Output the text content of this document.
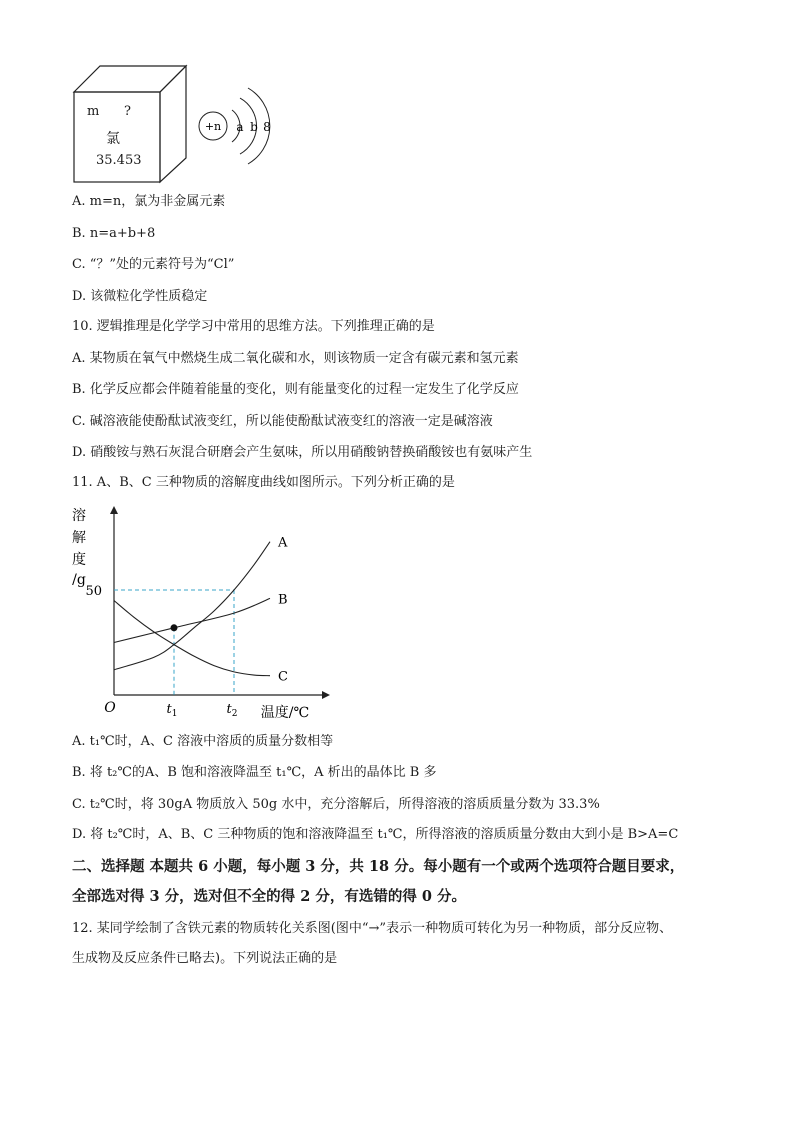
m ?
氯
35.453
+n a b 8
A. m=n，氯为非金属元素
B. n=a+b+8
C. “？”处的元素符号为“Cl”
D. 该微粒化学性质稳定
10. 逻辑推理是化学学习中常用的思维方法。下列推理正确的是
A. 某物质在氧气中燃烧生成二氧化碳和水，则该物质一定含有碳元素和氢元素
B. 化学反应都会伴随着能量的变化，则有能量变化的过程一定发生了化学反应
C. 碱溶液能使酚酞试液变红，所以能使酚酞试液变红的溶液一定是碱溶液
D. 硝酸铵与熟石灰混合研磨会产生氨味，所以用硝酸钠替换硝酸铵也有氨味产生
11. A、B、C 三种物质的溶解度曲线如图所示。下列分析正确的是
溶
解
度
/g
O	温度/℃
50
$t_1$	$t_2$
A
B
C
A. t₁℃时，A、C 溶液中溶质的质量分数相等
B. 将 t₂℃的A、B 饱和溶液降温至 t₁℃，A 析出的晶体比 B 多
C. t₂℃时，将 30gA 物质放入 50g 水中，充分溶解后，所得溶液的溶质质量分数为 33.3%
D. 将 t₂℃时，A、B、C 三种物质的饱和溶液降温至 t₁℃，所得溶液的溶质质量分数由大到小是 B>A=C
二、选择题 本题共 6 小题，每小题 3 分，共 18 分。每小题有一个或两个选项符合题目要求，
全部选对得 3 分，选对但不全的得 2 分，有选错的得 0 分。
12. 某同学绘制了含铁元素的物质转化关系图(图中“→”表示一种物质可转化为另一种物质，部分反应物、
生成物及反应条件已略去)。下列说法正确的是
